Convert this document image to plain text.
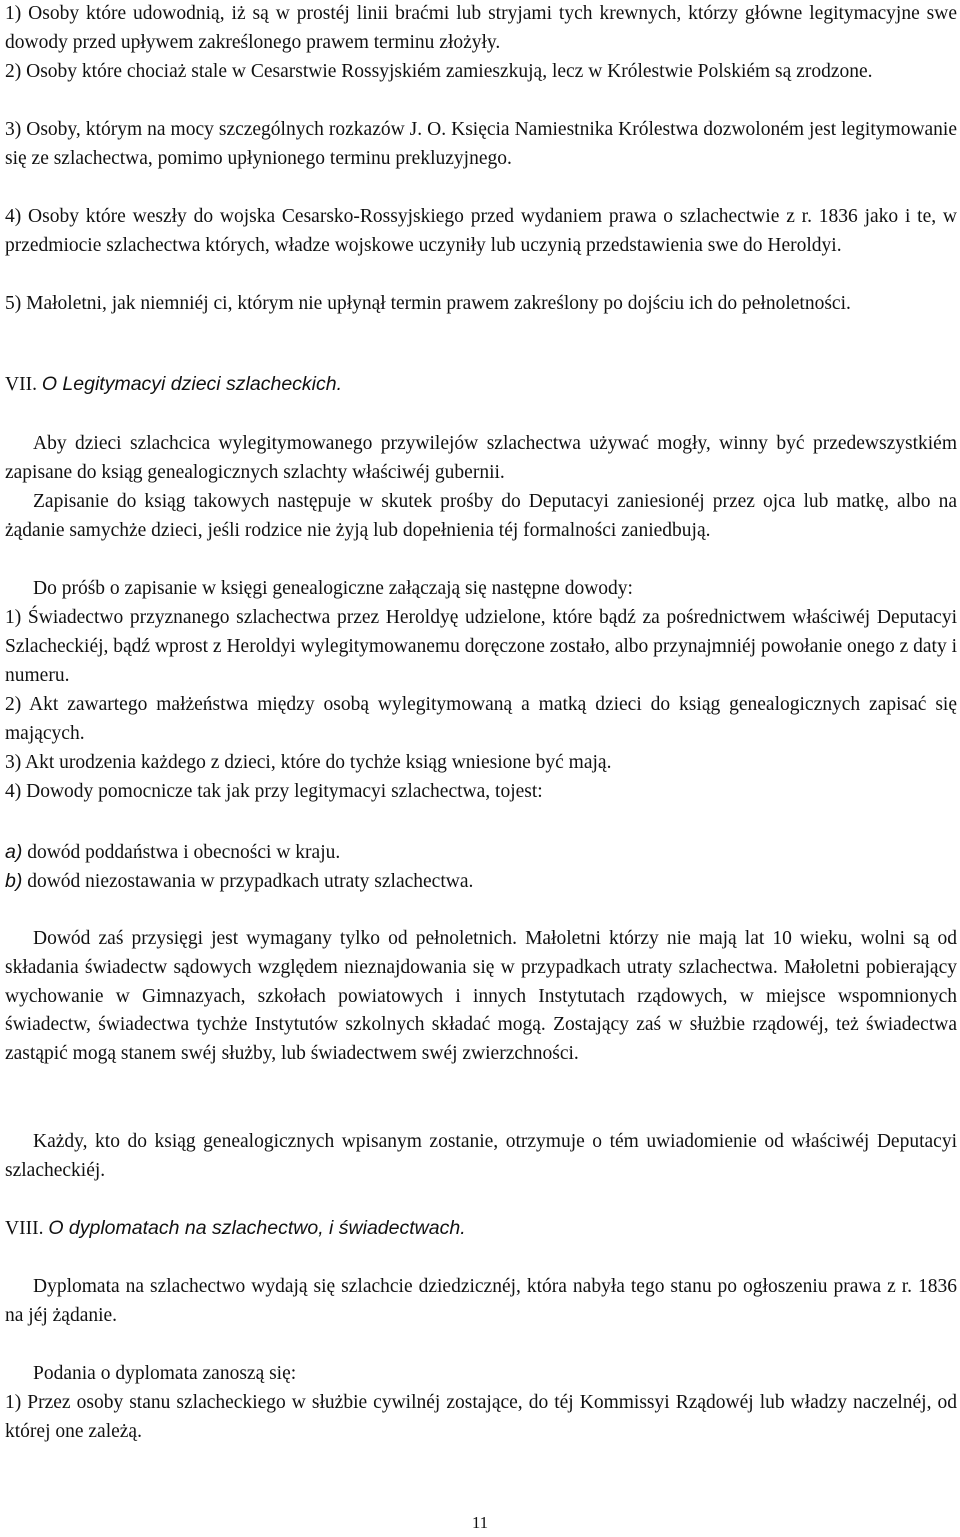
1) Osoby które udowodnią, iż są w prostéj linii braćmi lub stryjami tych krewnych, którzy główne legitymacyjne swe dowody przed upływem zakreślonego prawem terminu złożyły.

2) Osoby które chociaż stale w Cesarstwie Rossyjskiém zamieszkują, lecz w Królestwie Polskiém są zrodzone.

3) Osoby, którym na mocy szczególnych rozkazów J. O. Księcia Namiestnika Królestwa dozwoloném jest legitymowanie się ze szlachectwa, pomimo upłynionego terminu prekluzyjnego.

4) Osoby które weszły do wojska Cesarsko-Rossyjskiego przed wydaniem prawa o szlachectwie z r. 1836 jako i te, w przedmiocie szlachectwa których, władze wojskowe uczyniły lub uczynią przedstawienia swe do Heroldyi.

5) Małoletni, jak niemniéj ci, którym nie upłynął termin prawem zakreślony po dojściu ich do pełnoletności.

VII. O Legitymacyi dzieci szlacheckich.

Aby dzieci szlachcica wylegitymowanego przywilejów szlachectwa używać mogły, winny być przedewszystkiém zapisane do ksiąg genealogicznych szlachty właściwéj gubernii.

Zapisanie do ksiąg takowych następuje w skutek prośby do Deputacyi zaniesionéj przez ojca lub matkę, albo na żądanie samychże dzieci, jeśli rodzice nie żyją lub dopełnienia téj formalności zaniedbują.

Do próśb o zapisanie w księgi genealogiczne załączają się następne dowody:

1) Świadectwo przyznanego szlachectwa przez Heroldyę udzielone, które bądź za pośrednictwem właściwéj Deputacyi Szlacheckiéj, bądź wprost z Heroldyi wylegitymowanemu doręczone zostało, albo przynajmniéj powołanie onego z daty i numeru.

2) Akt zawartego małżeństwa między osobą wylegitymowaną a matką dzieci do ksiąg genealogicznych zapisać się mających.

3) Akt urodzenia każdego z dzieci, które do tychże ksiąg wniesione być mają.

4) Dowody pomocnicze tak jak przy legitymacyi szlachectwa, tojest:

a) dowód poddaństwa i obecności w kraju.

b) dowód niezostawania w przypadkach utraty szlachectwa.

Dowód zaś przysięgi jest wymagany tylko od pełnoletnich. Małoletni którzy nie mają lat 10 wieku, wolni są od składania świadectw sądowych względem nieznajdowania się w przypadkach utraty szlachectwa. Małoletni pobierający wychowanie w Gimnazyach, szkołach powiatowych i innych Instytutach rządowych, w miejsce wspomnionych świadectw, świadectwa tychże Instytutów szkolnych składać mogą. Zostający zaś w służbie rządowéj, też świadectwa zastąpić mogą stanem swéj służby, lub świadectwem swéj zwierzchności.

Każdy, kto do ksiąg genealogicznych wpisanym zostanie, otrzymuje o tém uwiadomienie od właściwéj Deputacyi szlacheckiéj.

VIII. O dyplomatach na szlachectwo, i świadectwach.

Dyplomata na szlachectwo wydają się szlachcie dziedzicznéj, która nabyła tego stanu po ogłoszeniu prawa z r. 1836 na jéj żądanie.

Podania o dyplomata zanoszą się:

1) Przez osoby stanu szlacheckiego w służbie cywilnéj zostające, do téj Kommissyi Rządowéj lub władzy naczelnéj, od której one zależą.

11
